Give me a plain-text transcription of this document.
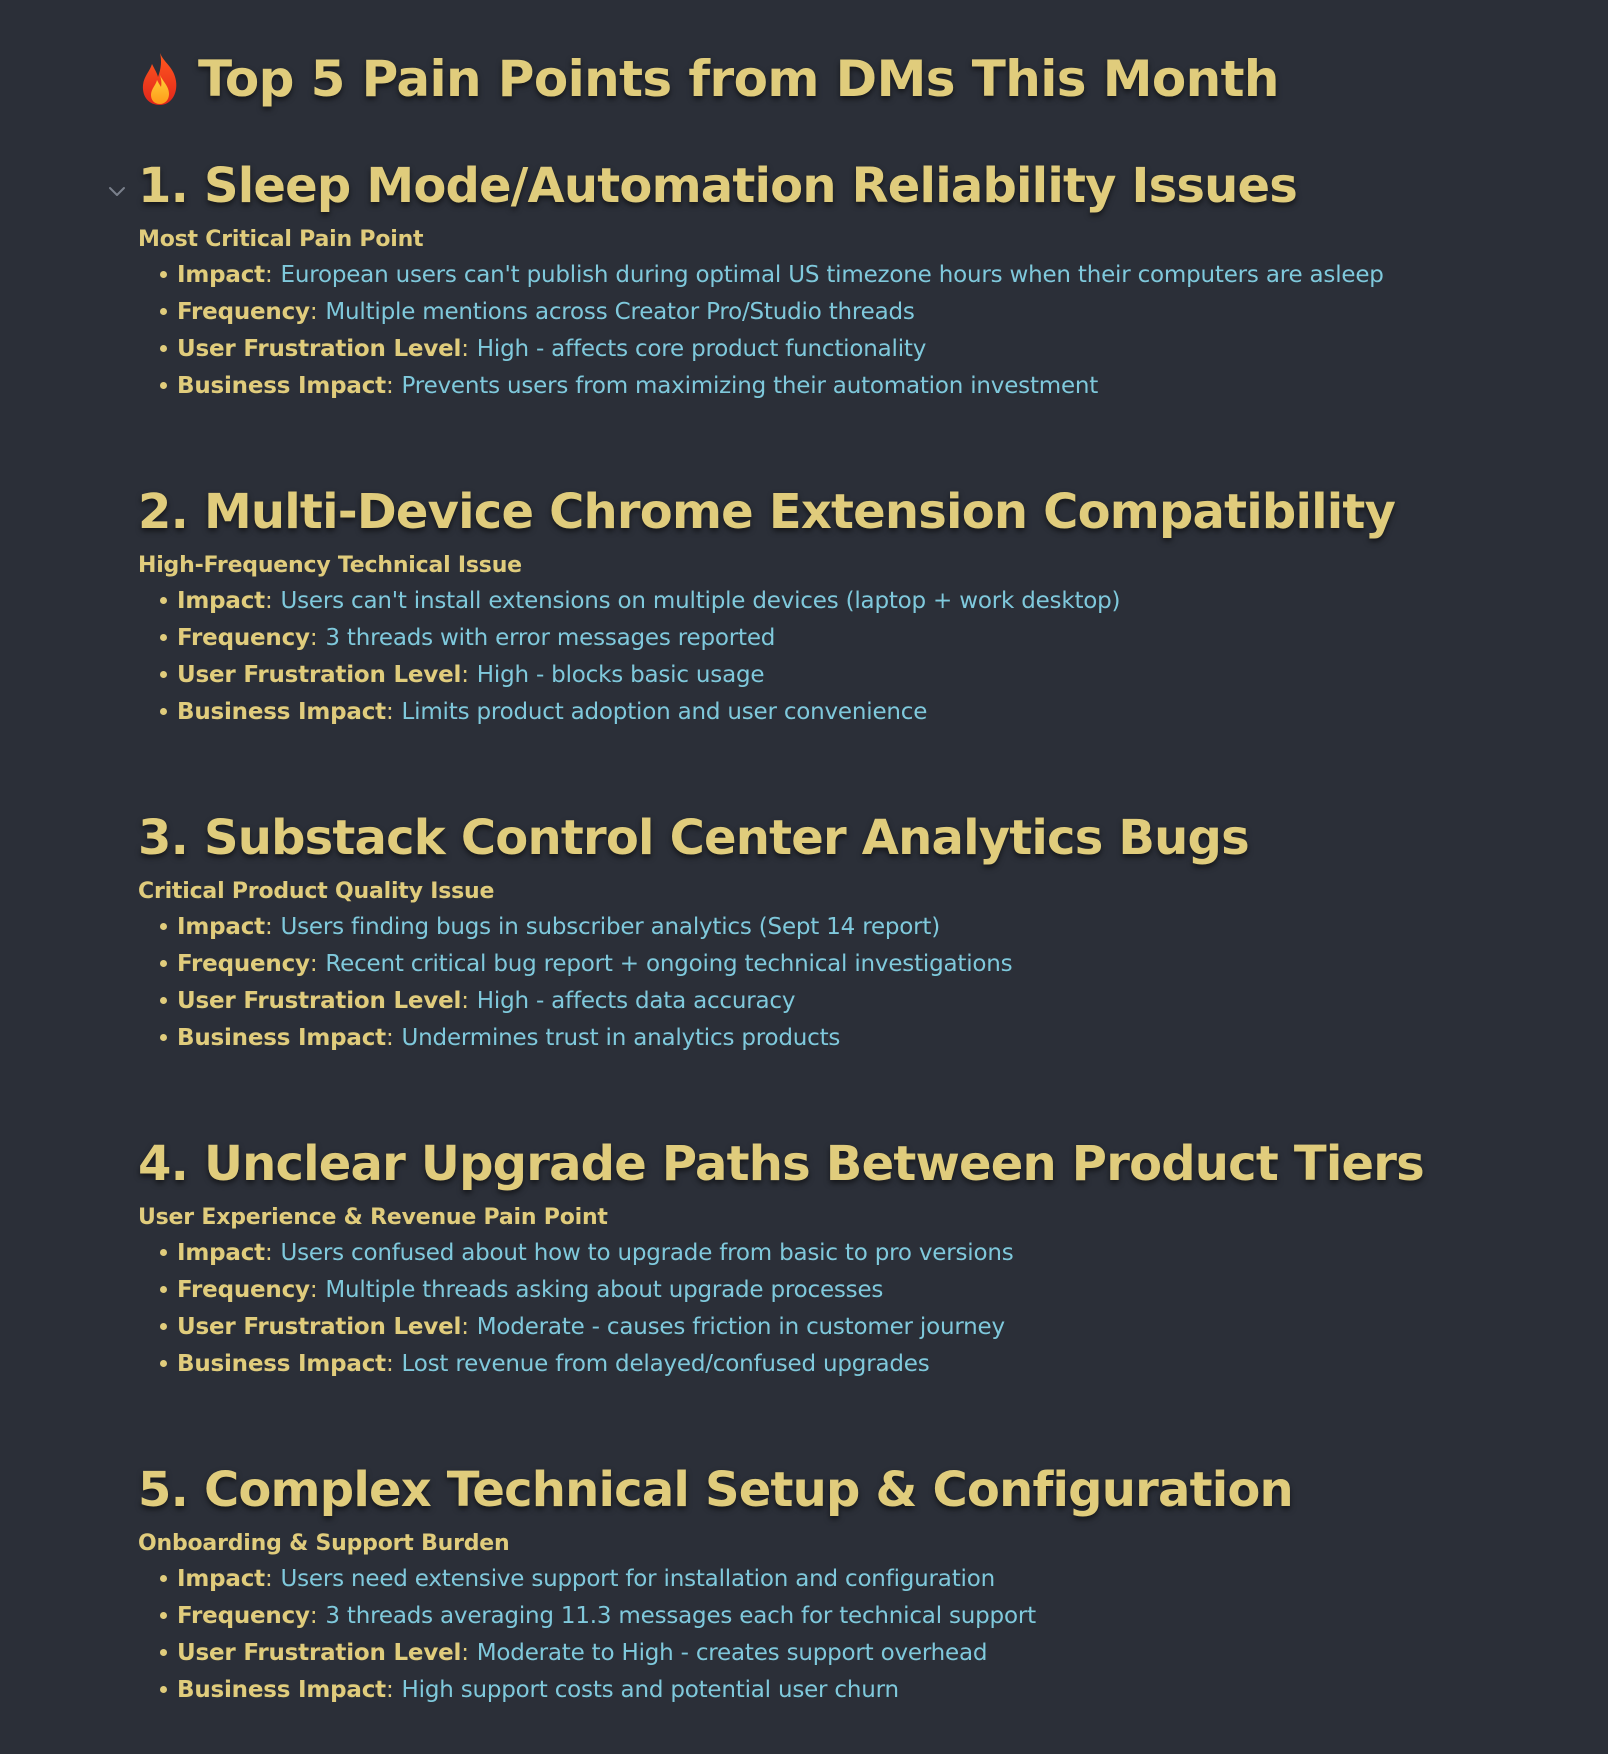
Top 5 Pain Points from DMs This Month
1. Sleep Mode/Automation Reliability Issues
Most Critical Pain Point
Impact : European users can't publish during optimal US timezone hours when their computers are asleep
Frequency : Multiple mentions across Creator Pro/Studio threads
User Frustration Level : High - affects core product functionality
Business Impact : Prevents users from maximizing their automation investment
2. Multi-Device Chrome Extension Compatibility
High-Frequency Technical Issue
Impact : Users can't install extensions on multiple devices (laptop + work desktop)
Frequency : 3 threads with error messages reported
User Frustration Level : High - blocks basic usage
Business Impact : Limits product adoption and user convenience
3. Substack Control Center Analytics Bugs
Critical Product Quality Issue
Impact : Users finding bugs in subscriber analytics (Sept 14 report)
Frequency : Recent critical bug report + ongoing technical investigations
User Frustration Level : High - affects data accuracy
Business Impact : Undermines trust in analytics products
4. Unclear Upgrade Paths Between Product Tiers
User Experience & Revenue Pain Point
Impact : Users confused about how to upgrade from basic to pro versions
Frequency : Multiple threads asking about upgrade processes
User Frustration Level : Moderate - causes friction in customer journey
Business Impact : Lost revenue from delayed/confused upgrades
5. Complex Technical Setup & Configuration
Onboarding & Support Burden
Impact : Users need extensive support for installation and configuration
Frequency : 3 threads averaging 11.3 messages each for technical support
User Frustration Level : Moderate to High - creates support overhead
Business Impact : High support costs and potential user churn
